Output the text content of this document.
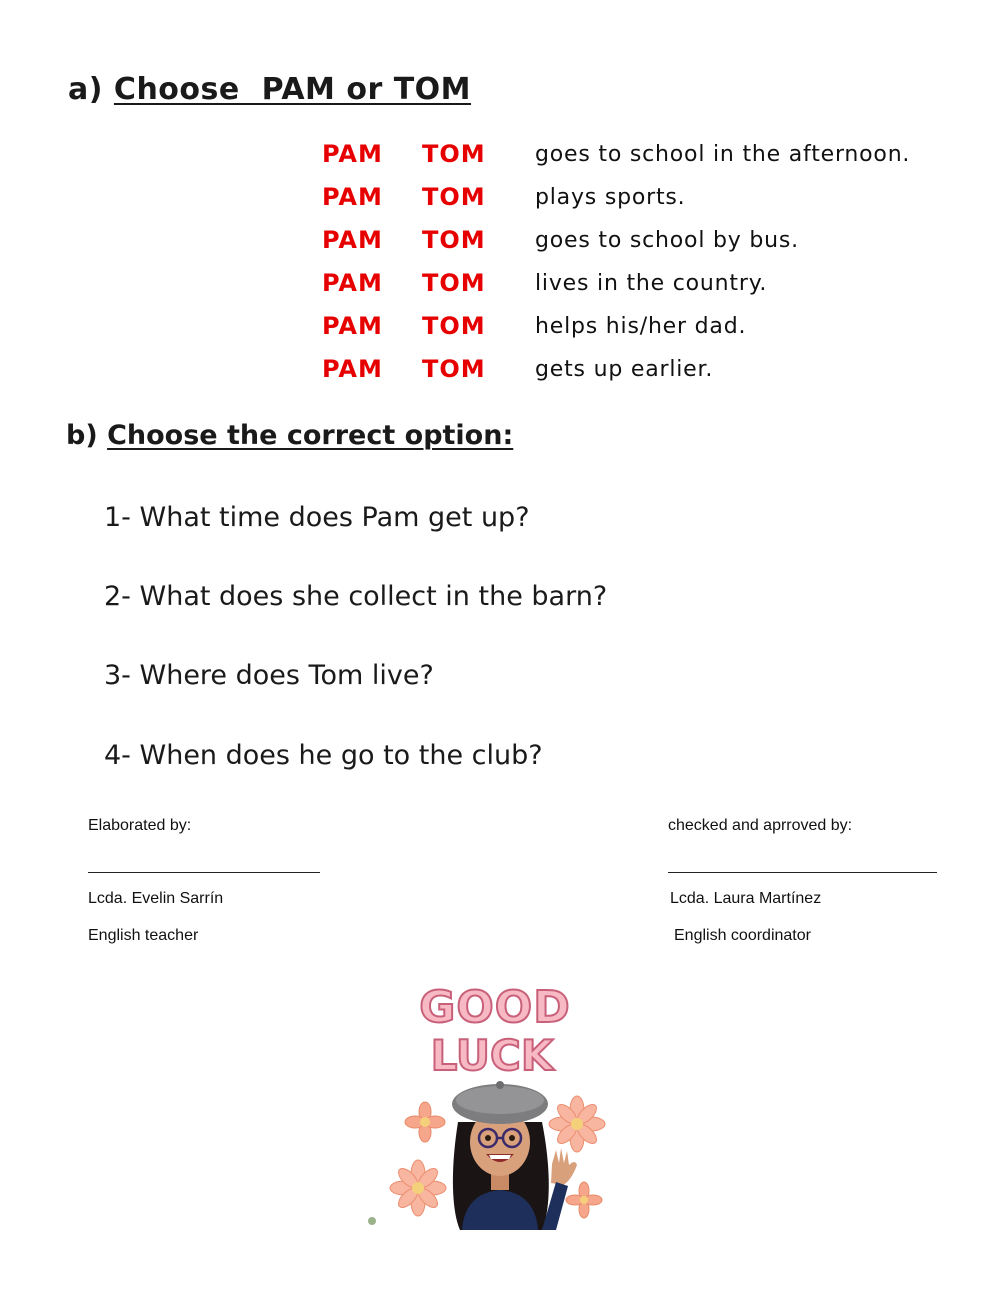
a) Choose  PAM or TOM
PAM TOM goes to school in the afternoon.
PAM TOM plays sports.
PAM TOM goes to school by bus.
PAM TOM lives in the country.
PAM TOM helps his/her dad.
PAM TOM gets up earlier.
b) Choose the correct option:
1- What time does Pam get up?
2- What does she collect in the barn?
3- Where does Tom live?
4- When does he go to the club?
Elaborated by:
Lcda. Evelin Sarrín
English teacher
checked and aprroved by:
Lcda. Laura Martínez
English coordinator
GOOD
LUCK
